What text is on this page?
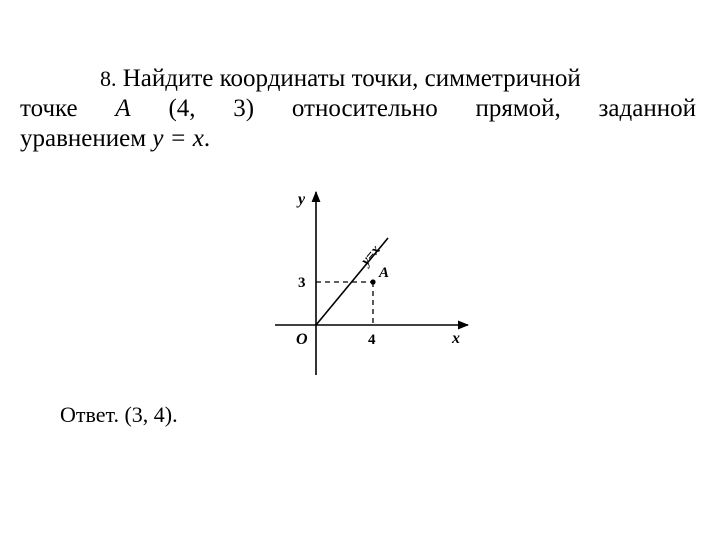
8. Найдите координаты точки, симметричной
точке A (4, 3) относительно прямой, заданной
уравнением y = x.
y
x
O	4
3
A
y=x
Ответ. (3, 4).
